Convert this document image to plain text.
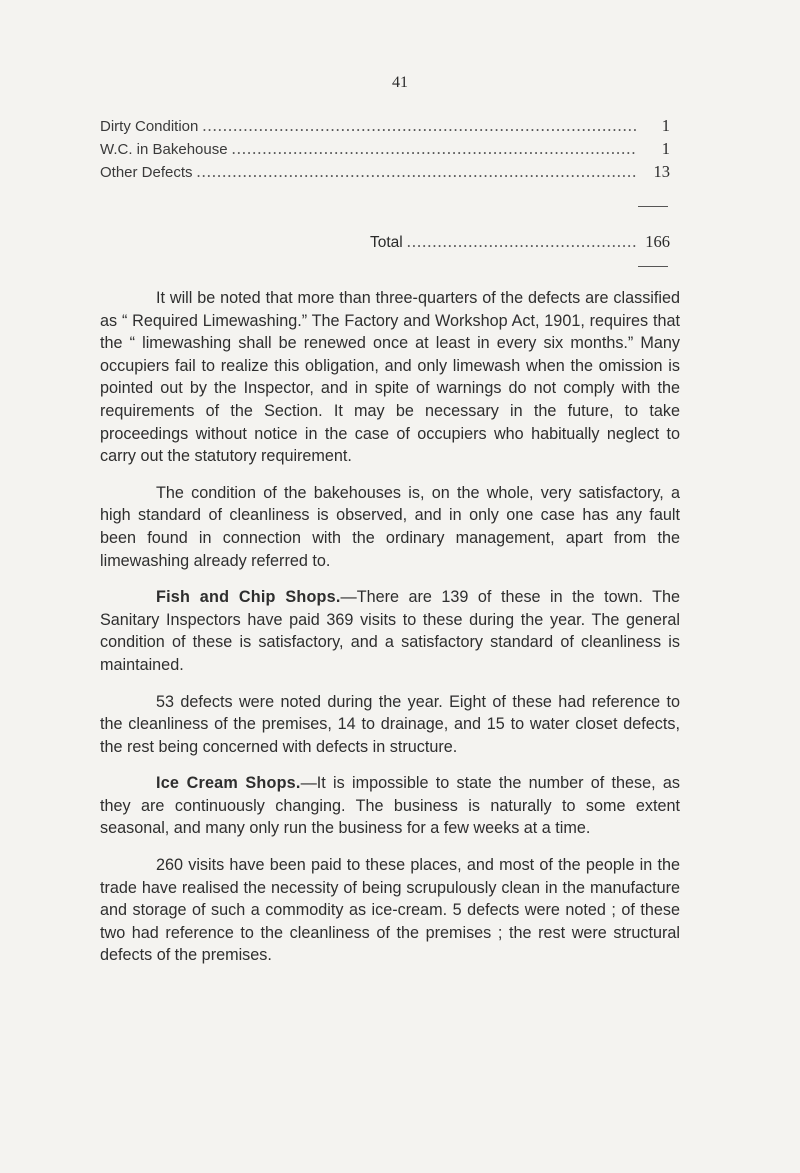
41
Dirty Condition .....	1
W.C. in Bakehouse .....	1
Other Defects .....	13
Total .....	166

It will be noted that more than three-quarters of the defects are classified as “ Required Limewashing.” The Factory and Workshop Act, 1901, requires that the “ limewashing shall be renewed once at least in every six months.” Many occupiers fail to realize this obligation, and only limewash when the omission is pointed out by the Inspector, and in spite of warnings do not comply with the requirements of the Section. It may be necessary in the future, to take proceedings without notice in the case of occupiers who habitually neglect to carry out the statutory requirement.

The condition of the bakehouses is, on the whole, very satisfactory, a high standard of cleanliness is observed, and in only one case has any fault been found in connection with the ordinary management, apart from the limewashing already referred to.

Fish and Chip Shops.—There are 139 of these in the town. The Sanitary Inspectors have paid 369 visits to these during the year. The general condition of these is satisfactory, and a satisfactory standard of cleanliness is maintained.

53 defects were noted during the year. Eight of these had reference to the cleanliness of the premises, 14 to drainage, and 15 to water closet defects, the rest being concerned with defects in structure.

Ice Cream Shops.—It is impossible to state the number of these, as they are continuously changing. The business is naturally to some extent seasonal, and many only run the business for a few weeks at a time.

260 visits have been paid to these places, and most of the people in the trade have realised the necessity of being scrupulously clean in the manufacture and storage of such a commodity as ice-cream. 5 defects were noted ; of these two had reference to the cleanliness of the premises ; the rest were structural defects of the premises.
